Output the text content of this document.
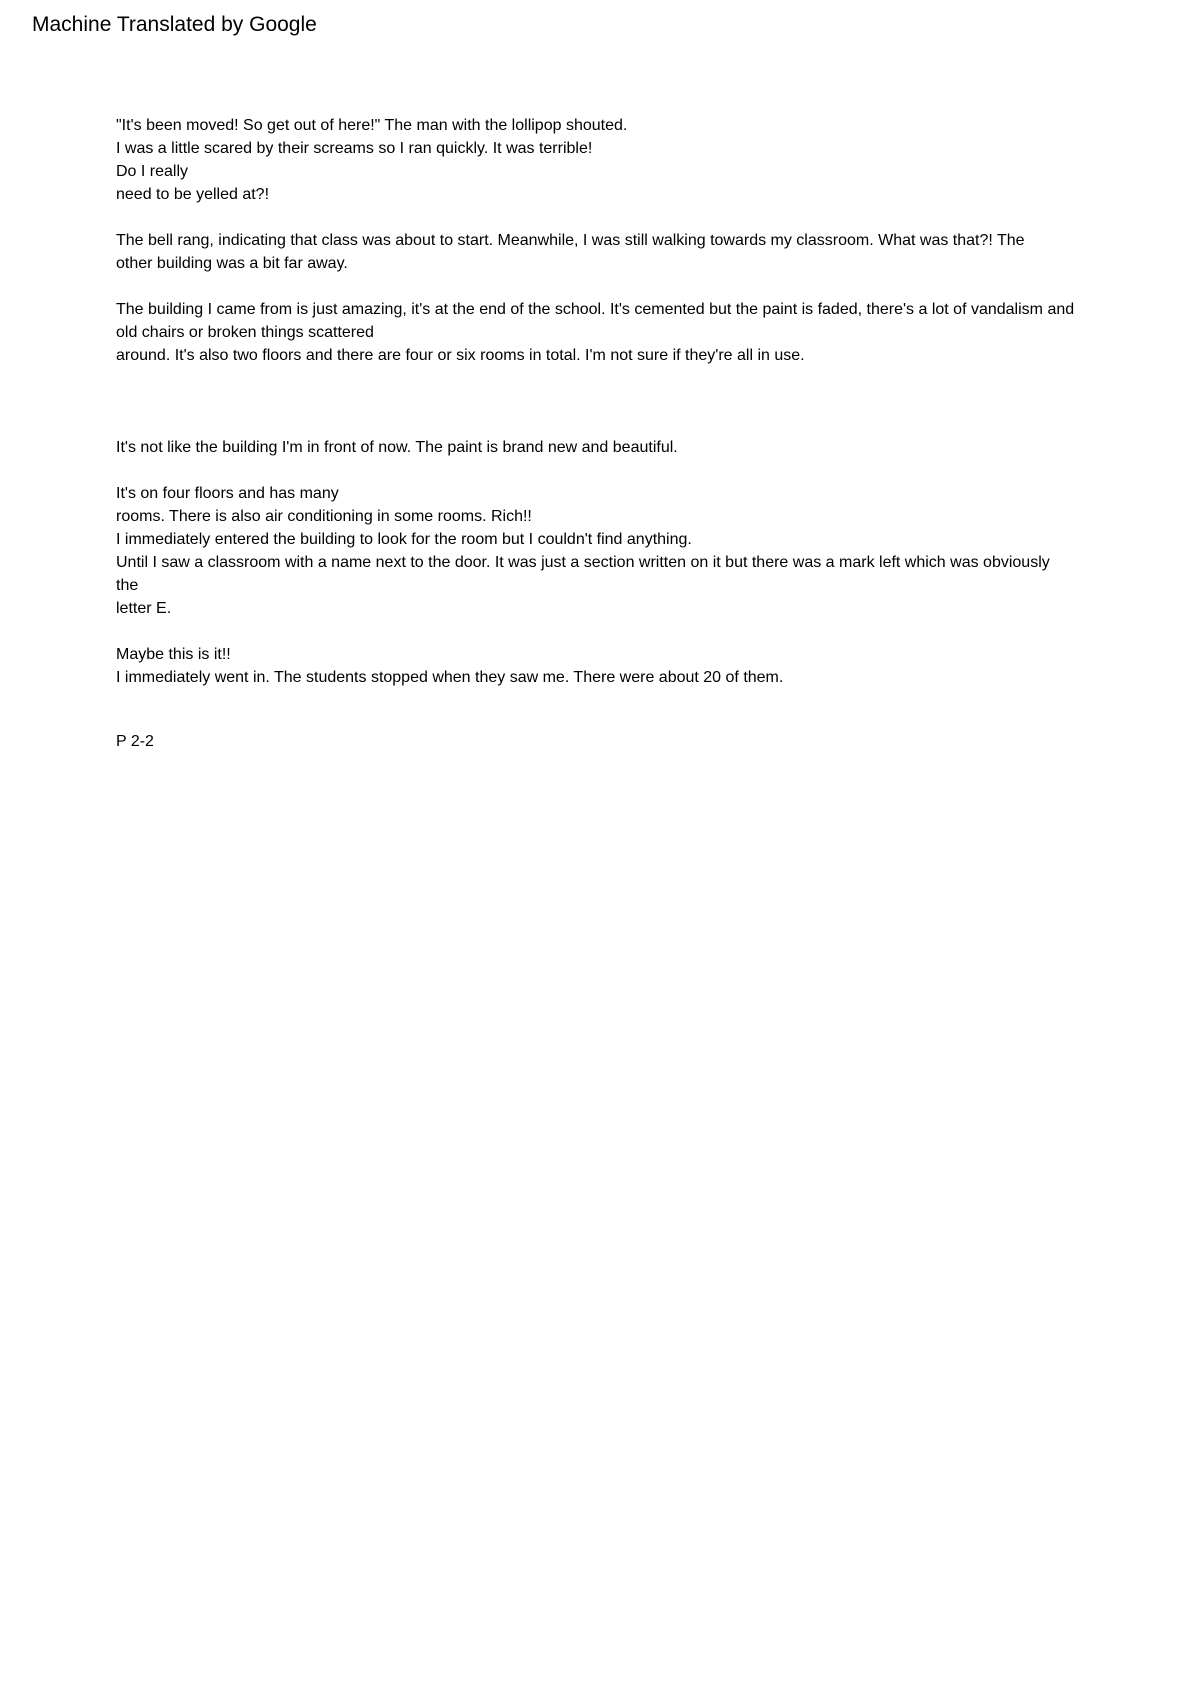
Machine Translated by Google
"It's been moved! So get out of here!" The man with the lollipop shouted.
I was a little scared by their screams so I ran quickly. It was terrible!
Do I really
need to be yelled at?!
The bell rang, indicating that class was about to start. Meanwhile, I was still walking towards my classroom. What was that?! The
other building was a bit far away.
The building I came from is just amazing, it's at the end of the school. It's cemented but the paint is faded, there's a lot of vandalism and
old chairs or broken things scattered
around. It's also two floors and there are four or six rooms in total. I'm not sure if they're all in use.
It's not like the building I'm in front of now. The paint is brand new and beautiful.
It's on four floors and has many
rooms. There is also air conditioning in some rooms. Rich!!
I immediately entered the building to look for the room but I couldn't find anything.
Until I saw a classroom with a name next to the door. It was just a section written on it but there was a mark left which was obviously
the
letter E.
Maybe this is it!!
I immediately went in. The students stopped when they saw me. There were about 20 of them.
P 2-2
